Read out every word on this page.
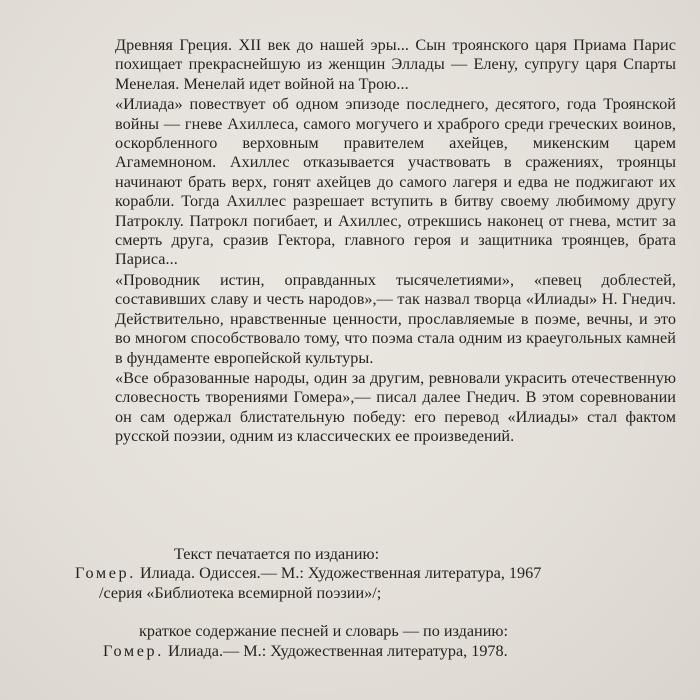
Древняя Греция. XII век до нашей эры... Сын троянского царя Приама Парис похищает прекраснейшую из женщин Эллады — Елену, супругу царя Спарты Менелая. Менелай идет войной на Трою...

«Илиада» повествует об одном эпизоде последнего, десятого, года Троянской войны — гневе Ахиллеса, самого могучего и храброго среди греческих воинов, оскорбленного верховным правителем ахейцев, микенским царем Агамемноном. Ахиллес отказывается участвовать в сражениях, троянцы начинают брать верх, гонят ахейцев до самого лагеря и едва не поджигают их корабли. Тогда Ахиллес разрешает вступить в битву своему любимому другу Патроклу. Патрокл погибает, и Ахиллес, отрекшись наконец от гнева, мстит за смерть друга, сразив Гектора, главного героя и защитника троянцев, брата Париса...

«Проводник истин, оправданных тысячелетиями», «певец доблестей, составивших славу и честь народов»,— так назвал творца «Илиады» Н. Гнедич. Действительно, нравственные ценности, прославляемые в поэме, вечны, и это во многом способствовало тому, что поэма стала одним из краеугольных камней в фундаменте европейской культуры.

«Все образованные народы, один за другим, ревновали украсить отечественную словесность творениями Гомера»,— писал далее Гнедич. В этом соревновании он сам одержал блистательную победу: его перевод «Илиады» стал фактом русской поэзии, одним из классических ее произведений.

Текст печатается по изданию:
Гомер. Илиада. Одиссея.— М.: Художественная литература, 1967
/серия «Библиотека всемирной поэзии»/;
краткое содержание песней и словарь — по изданию:
Гомер. Илиада.— М.: Художественная литература, 1978.
